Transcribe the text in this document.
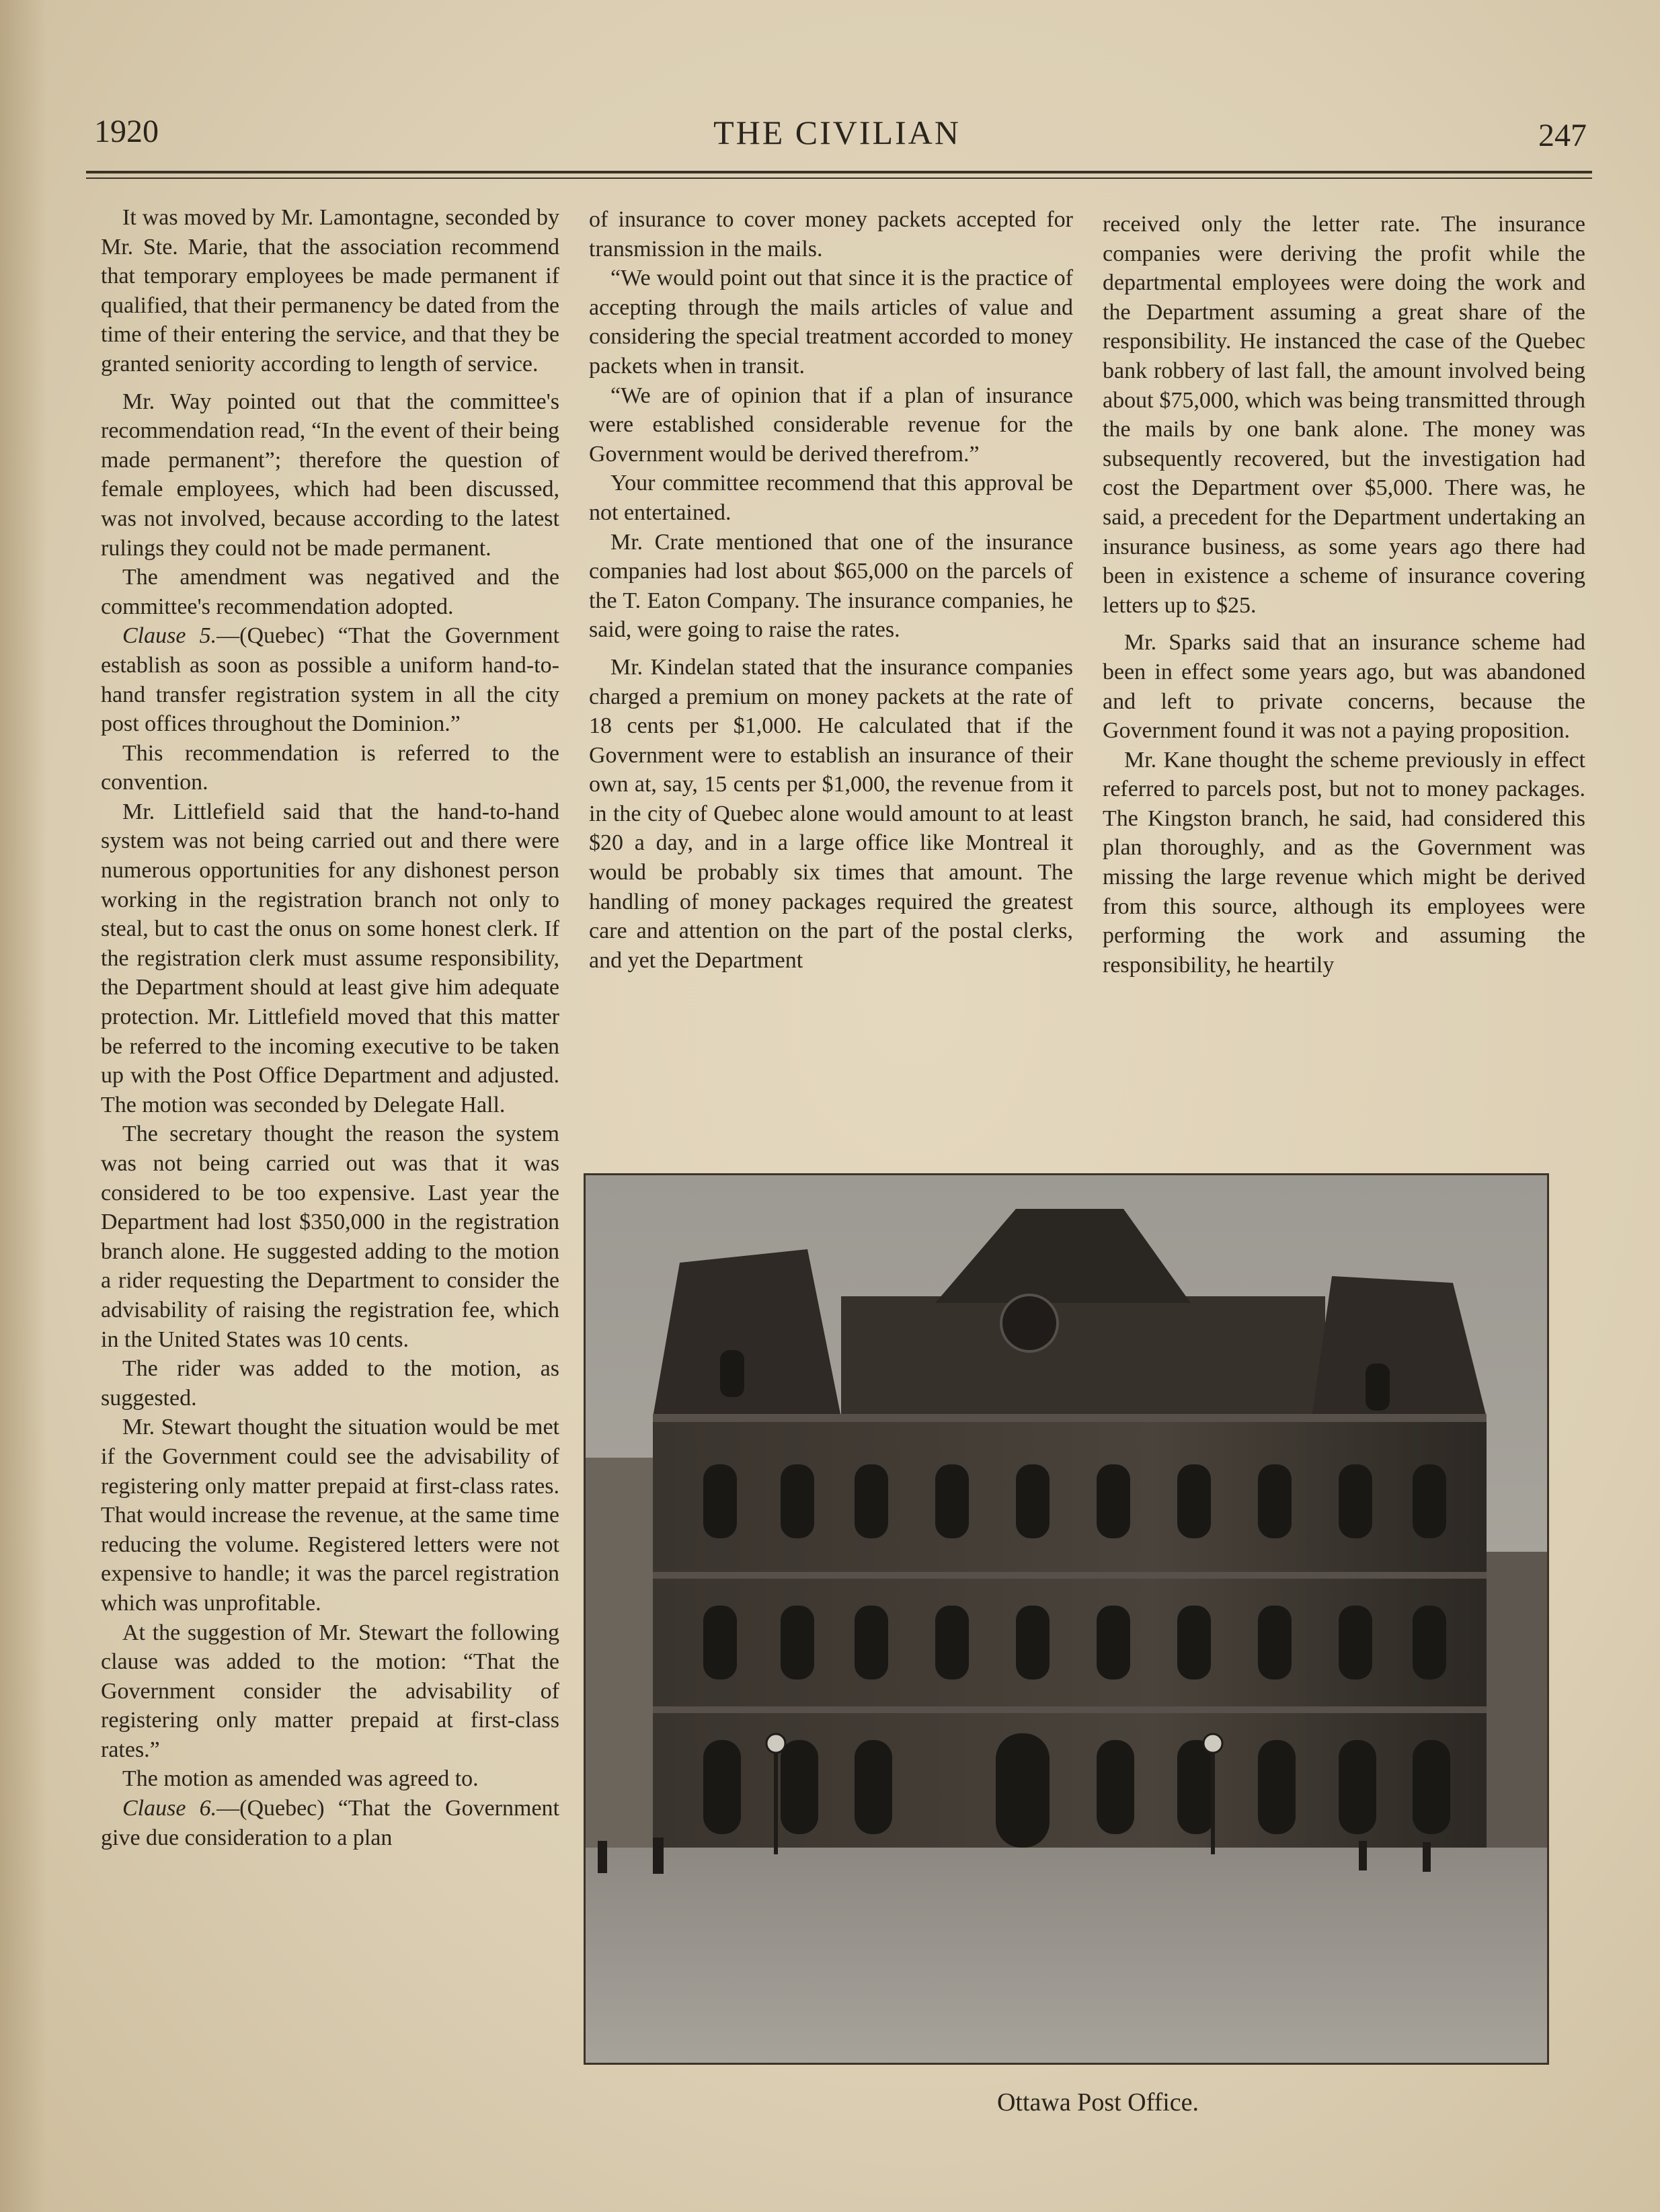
1920	THE CIVILIAN	247

It was moved by Mr. Lamontagne, seconded by Mr. Ste. Marie, that the association recommend that temporary employees be made permanent if qualified, that their permanency be dated from the time of their entering the service, and that they be granted seniority according to length of service.

Mr. Way pointed out that the committee's recommendation read, “In the event of their being made permanent”; therefore the question of female employees, which had been discussed, was not involved, because according to the latest rulings they could not be made permanent.

The amendment was negatived and the committee's recommendation adopted.

Clause 5.—(Quebec) “That the Government establish as soon as possible a uniform hand-to-hand transfer registration system in all the city post offices throughout the Dominion.”

This recommendation is referred to the convention.

Mr. Littlefield said that the hand-to-hand system was not being carried out and there were numerous opportunities for any dishonest person working in the registration branch not only to steal, but to cast the onus on some honest clerk. If the registration clerk must assume responsibility, the Department should at least give him adequate protection. Mr. Littlefield moved that this matter be referred to the incoming executive to be taken up with the Post Office Department and adjusted. The motion was seconded by Delegate Hall.

The secretary thought the reason the system was not being carried out was that it was considered to be too expensive. Last year the Department had lost $350,000 in the registration branch alone. He suggested adding to the motion a rider requesting the Department to consider the advisability of raising the registration fee, which in the United States was 10 cents.

The rider was added to the motion, as suggested.

Mr. Stewart thought the situation would be met if the Government could see the advisability of registering only matter prepaid at first-class rates. That would increase the revenue, at the same time reducing the volume. Registered letters were not expensive to handle; it was the parcel registration which was unprofitable.

At the suggestion of Mr. Stewart the following clause was added to the motion: “That the Government consider the advisability of registering only matter prepaid at first-class rates.”

The motion as amended was agreed to.

Clause 6.—(Quebec) “That the Government give due consideration to a plan

of insurance to cover money packets accepted for transmission in the mails.

“We would point out that since it is the practice of accepting through the mails articles of value and considering the special treatment accorded to money packets when in transit.

“We are of opinion that if a plan of insurance were established considerable revenue for the Government would be derived therefrom.”

Your committee recommend that this approval be not entertained.

Mr. Crate mentioned that one of the insurance companies had lost about $65,000 on the parcels of the T. Eaton Company. The insurance companies, he said, were going to raise the rates.

Mr. Kindelan stated that the insurance companies charged a premium on money packets at the rate of 18 cents per $1,000. He calculated that if the Government were to establish an insurance of their own at, say, 15 cents per $1,000, the revenue from it in the city of Quebec alone would amount to at least $20 a day, and in a large office like Montreal it would be probably six times that amount. The handling of money packages required the greatest care and attention on the part of the postal clerks, and yet the Department

received only the letter rate. The insurance companies were deriving the profit while the departmental employees were doing the work and the Department assuming a great share of the responsibility. He instanced the case of the Quebec bank robbery of last fall, the amount involved being about $75,000, which was being transmitted through the mails by one bank alone. The money was subsequently recovered, but the investigation had cost the Department over $5,000. There was, he said, a precedent for the Department undertaking an insurance business, as some years ago there had been in existence a scheme of insurance covering letters up to $25.

Mr. Sparks said that an insurance scheme had been in effect some years ago, but was abandoned and left to private concerns, because the Government found it was not a paying proposition.

Mr. Kane thought the scheme previously in effect referred to parcels post, but not to money packages. The Kingston branch, he said, had considered this plan thoroughly, and as the Government was missing the large revenue which might be derived from this source, although its employees were performing the work and assuming the responsibility, he heartily

Ottawa Post Office.
